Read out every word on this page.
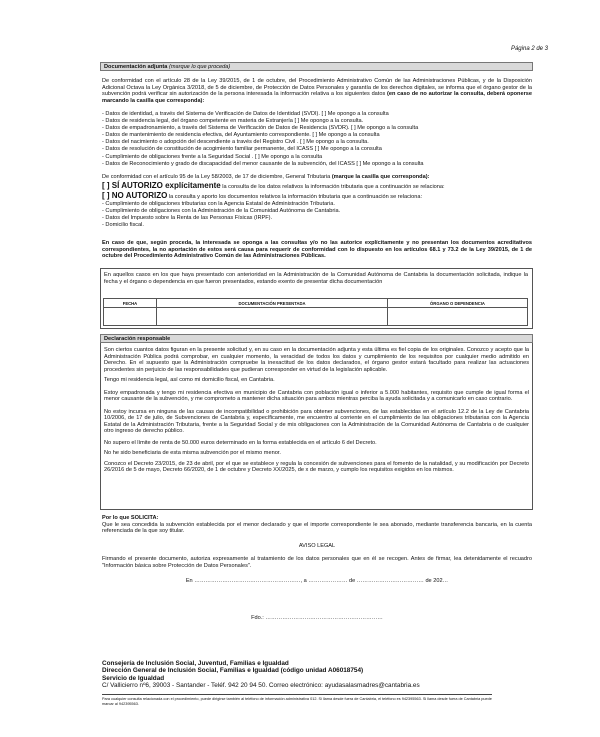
Página 2 de 3
Documentación adjunta (marque lo que proceda)
De conformidad con el artículo 28 de la Ley 39/2015, de 1 de octubre, del Procedimiento Administrativo Común de las Administraciones Públicas, y de la Disposición Adicional Octava la Ley Orgánica 3/2018, de 5 de diciembre, de Protección de Datos Personales y garantía de los derechos digitales, se informa que el órgano gestor de la subvención podrá verificar sin autorización de la persona interesada la información relativa a los siguientes datos (en caso de no autorizar la consulta, deberá oponerse marcando la casilla que corresponda):

- Datos de identidad, a través del Sistema de Verificación de Datos de Identidad (SVDI). [ ] Me opongo a la consulta

- Datos de residencia legal, del órgano competente en materia de Extranjería [ ] Me opongo a la consulta.

- Datos de empadronamiento, a través del Sistema de Verificación de Datos de Residencia (SVDR). [ ] Me opongo a la consulta

- Datos de mantenimiento de residencia efectiva, del Ayuntamiento correspondiente. [ ] Me opongo a la consulta

- Datos del nacimiento o adopción del descendiente a través del Registro Civil . [ ] Me opongo a la consulta.

- Datos de resolución de constitución de acogimiento familiar permanente, del ICASS [ ] Me opongo a la consulta

- Cumplimiento de obligaciones frente a la Seguridad Social . [ ] Me opongo a la consulta

- Datos de Reconocimiento y grado de discapacidad del menor causante de la subvención, del ICASS [ ] Me opongo a la consulta

De conformidad con el artículo 95 de la Ley 58/2003, de 17 de diciembre, General Tributaria (marque la casilla que corresponda):

[ ] SÍ AUTORIZO explícitamente la consulta de los datos relativos la información tributaria que a continuación se relaciona:

[ ] NO AUTORIZO la consulta y aporto los documentos relativos la información tributaria que a continuación se relaciona:

- Cumplimiento de obligaciones tributarias con la Agencia Estatal de Administración Tributaria.

- Cumplimiento de obligaciones con la Administración de la Comunidad Autónoma de Cantabria.

- Datos del Impuesto sobre la Renta de las Personas Físicas (IRPF).

- Domicilio fiscal.

En caso de que, según proceda, la interesada se oponga a las consultas y/o no las autorice explícitamente y no presentan los documentos acreditativos correspondientes, la no aportación de estos será causa para requerir de conformidad con lo dispuesto en los artículos 68.1 y 73.2 de la Ley 39/2015, de 1 de octubre del Procedimiento Administrativo Común de las Administraciones Públicas.
En aquellos casos en los que haya presentado con anterioridad en la Administración de la Comunidad Autónoma de Cantabria la documentación solicitada, indique la fecha y el órgano o dependencia en que fueron presentados, estando exento de presentar dicha documentación
FECHA	DOCUMENTACIÓN PRESENTADA	ÓRGANO O DEPENDENCIA

Declaración responsable

Son ciertos cuantos datos figuran en la presente solicitud y, en su caso en la documentación adjunta y esta última es fiel copia de los originales. Conozco y acepto que la Administración Pública podrá comprobar, en cualquier momento, la veracidad de todos los datos y cumplimiento de los requisitos por cualquier medio admitido en Derecho. En el supuesto que la Administración compruebe la inexactitud de los datos declarados, el órgano gestor estará facultado para realizar las actuaciones procedentes sin perjuicio de las responsabilidades que pudieran corresponder en virtud de la legislación aplicable.

Tengo mi residencia legal, así como mi domicilio fiscal, en Cantabria.

Estoy empadronada y tengo mi residencia efectiva en municipio de Cantabria con población igual o inferior a 5.000 habitantes, requisito que cumple de igual forma el menor causante de la subvención, y me comprometo a mantener dicha situación para ambos mientras perciba la ayuda solicitada y a comunicarlo en caso contrario.

No estoy incursa en ninguna de las causas de incompatibilidad o prohibición para obtener subvenciones, de las establecidas en el artículo 12.2 de la Ley de Cantabria 10/2006, de 17 de julio, de Subvenciones de Cantabria y, específicamente, me encuentro al corriente en el cumplimiento de las obligaciones tributarias con la Agencia Estatal de la Administración Tributaria, frente a la Seguridad Social y de mis obligaciones con la Administración de la Comunidad Autónoma de Cantabria o de cualquier otro ingreso de derecho público.

No supero el límite de renta de 50.000 euros determinado en la forma establecida en el artículo 6 del Decreto.

No he sido beneficiaria de esta misma subvención por el mismo menor.

Conozco el Decreto 23/2015, de 23 de abril, por el que se establece y regula la concesión de subvenciones para el fomento de la natalidad, y su modificación por Decreto 26/2016 de 5 de mayo, Decreto 66/2020, de 1 de octubre y Decreto XX/2025, de x de marzo, y cumplo los requisitos exigidos en los mismos.

Por lo que SOLICITA:

Que le sea concedida la subvención establecida por el menor declarado y que el importe correspondiente le sea abonado, mediante transferencia bancaria, en la cuenta referenciada de la que soy titular.

AVISO LEGAL
Firmando el presente documento, autoriza expresamente al tratamiento de los datos personales que en él se recogen. Antes de firmar, lea detenidamente el recuadro "Información básica sobre Protección de Datos Personales".
En …………………………………………………, a ………………… de ……………………………… de 202…
Fdo.: ………………………………………………………
Consejería de Inclusión Social, Juventud, Familias e Igualdad
Dirección General de Inclusión Social, Familias e Igualdad (código unidad A06018754)
Servicio de Igualdad
C/ Vallicierro nº6, 39003 - Santander - Teléf. 942 20 94 50. Correo electrónico: ayudasalasmadres@cantabria.es
Para cualquier consulta relacionada con el procedimiento, puede dirigirse también al teléfono de información administrativa 012. Si llama desde fuera de Cantabria, el teléfono es 942395563. Si llama desde fuera de Cantabria puede marcar al 942395563.
